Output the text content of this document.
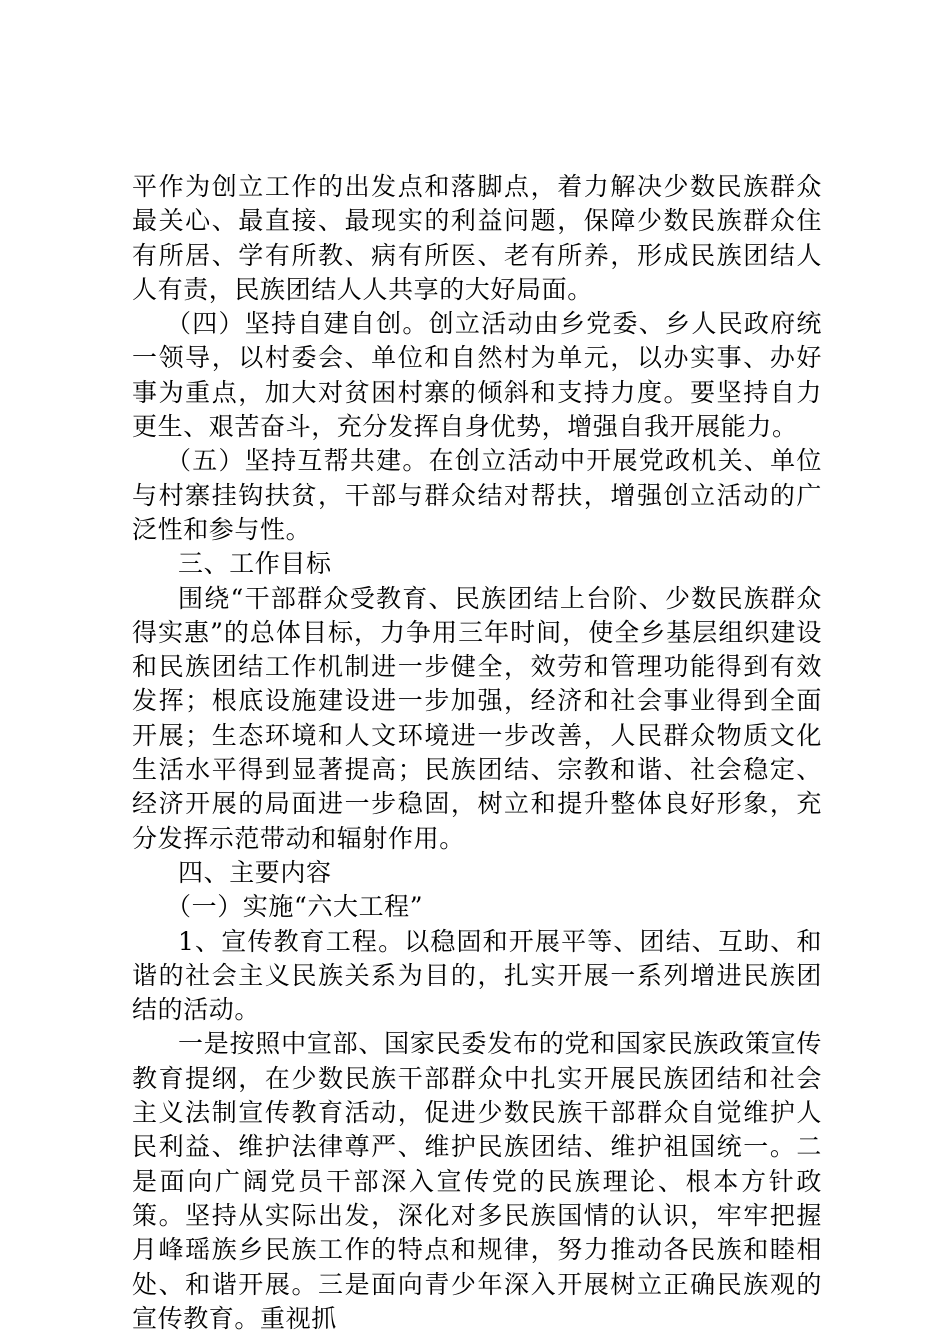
平作为创立工作的出发点和落脚点，着力解决少数民族群众最关心、最直接、最现实的利益问题，保障少数民族群众住有所居、学有所教、病有所医、老有所养，形成民族团结人人有责，民族团结人人共享的大好局面。

（四）坚持自建自创。创立活动由乡党委、乡人民政府统一领导，以村委会、单位和自然村为单元，以办实事、办好事为重点，加大对贫困村寨的倾斜和支持力度。要坚持自力更生、艰苦奋斗，充分发挥自身优势，增强自我开展能力。

（五）坚持互帮共建。在创立活动中开展党政机关、单位与村寨挂钩扶贫，干部与群众结对帮扶，增强创立活动的广泛性和参与性。

三、工作目标

围绕“干部群众受教育、民族团结上台阶、少数民族群众得实惠”的总体目标，力争用三年时间，使全乡基层组织建设和民族团结工作机制进一步健全，效劳和管理功能得到有效发挥；根底设施建设进一步加强，经济和社会事业得到全面开展；生态环境和人文环境进一步改善，人民群众物质文化生活水平得到显著提高；民族团结、宗教和谐、社会稳定、经济开展的局面进一步稳固，树立和提升整体良好形象，充分发挥示范带动和辐射作用。

四、主要内容

（一）实施“六大工程”

1、宣传教育工程。以稳固和开展平等、团结、互助、和谐的社会主义民族关系为目的，扎实开展一系列增进民族团结的活动。

一是按照中宣部、国家民委发布的党和国家民族政策宣传教育提纲，在少数民族干部群众中扎实开展民族团结和社会主义法制宣传教育活动，促进少数民族干部群众自觉维护人民利益、维护法律尊严、维护民族团结、维护祖国统一。二是面向广阔党员干部深入宣传党的民族理论、根本方针政策。坚持从实际出发，深化对多民族国情的认识，牢牢把握月峰瑶族乡民族工作的特点和规律，努力推动各民族和睦相处、和谐开展。三是面向青少年深入开展树立正确民族观的宣传教育。重视抓
